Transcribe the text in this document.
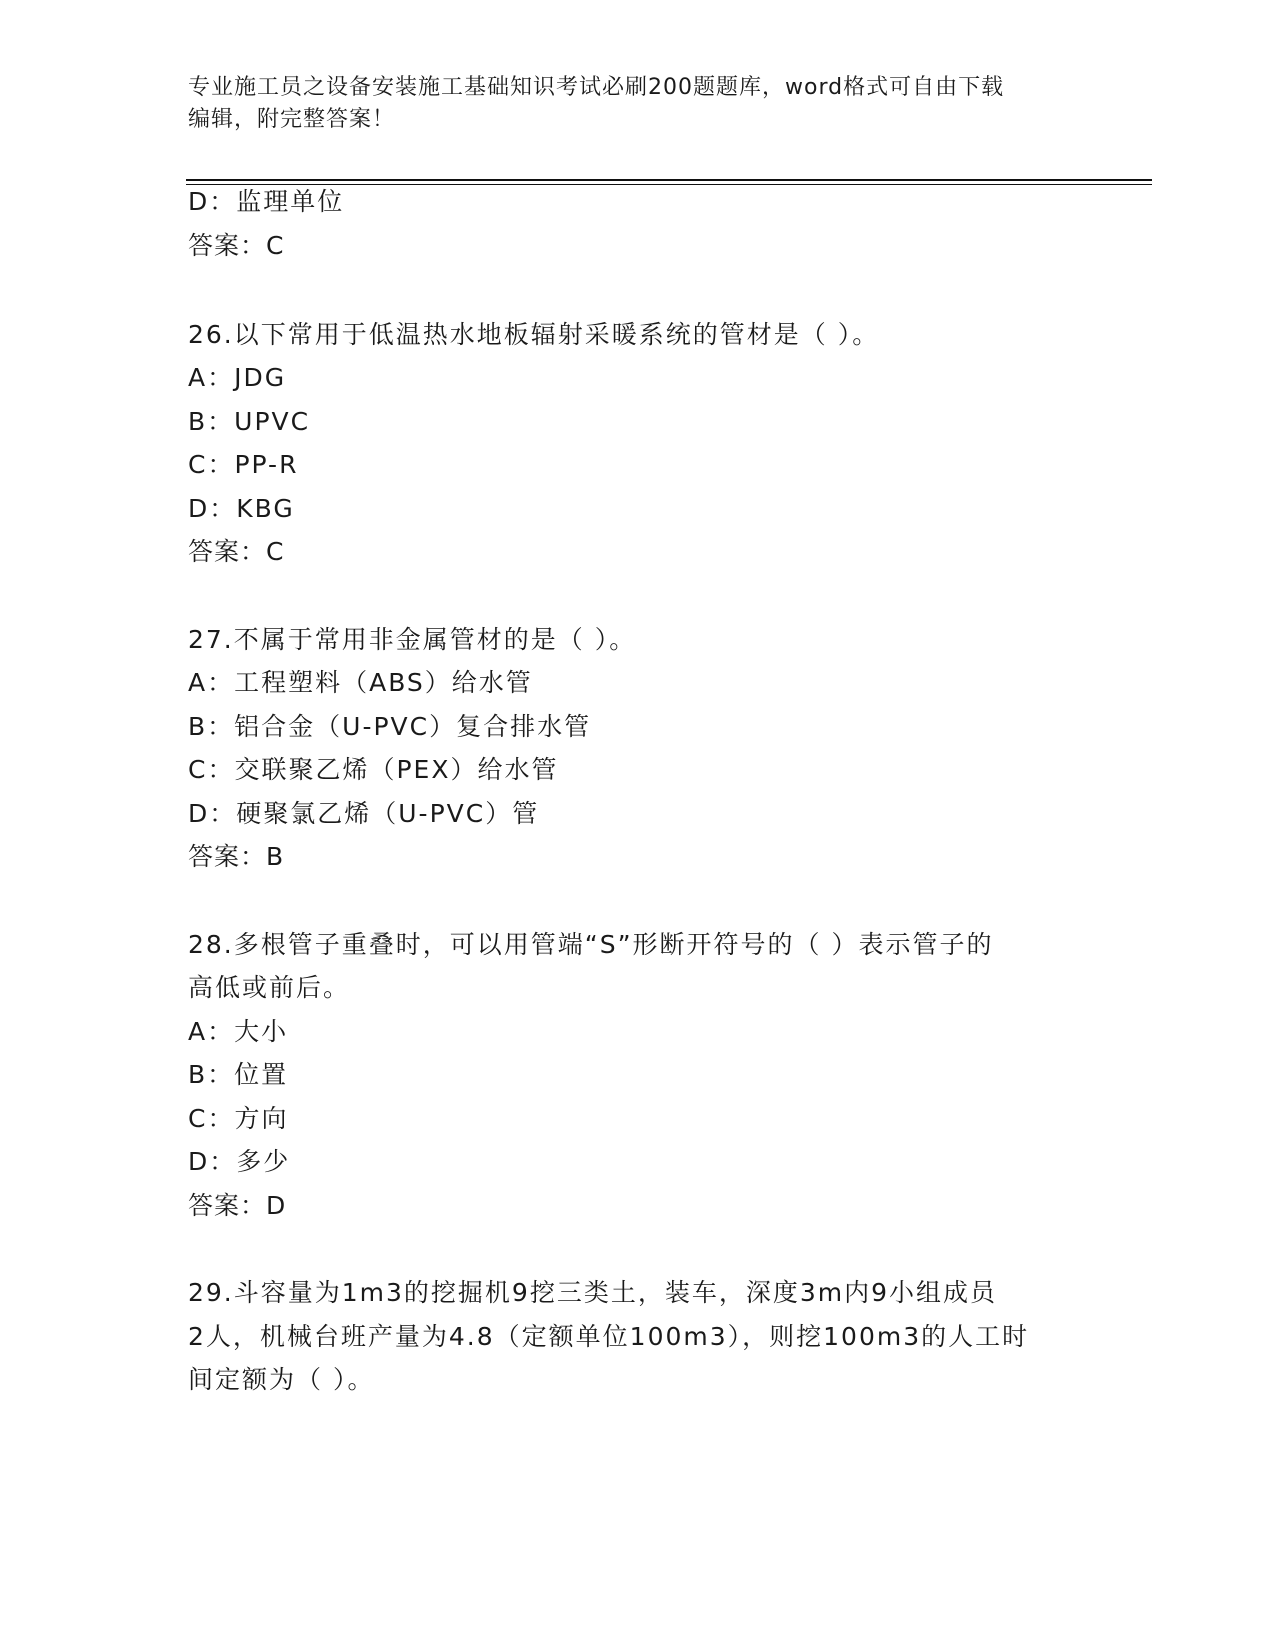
专业施工员之设备安装施工基础知识考试必刷200题题库，word格式可自由下载
编辑，附完整答案！
D：监理单位
答案：C
26.以下常用于低温热水地板辐射采暖系统的管材是（ ）。
A：JDG
B：UPVC
C：PP-R
D：KBG
答案：C
27.不属于常用非金属管材的是（ ）。
A：工程塑料（ABS）给水管
B：铝合金（U-PVC）复合排水管
C：交联聚乙烯（PEX）给水管
D：硬聚氯乙烯（U-PVC）管
答案：B
28.多根管子重叠时，可以用管端“S”形断开符号的（ ）表示管子的
高低或前后。
A：大小
B：位置
C：方向
D：多少
答案：D
29.斗容量为1m3的挖掘机9挖三类土，装车，深度3m内9小组成员
2人，机械台班产量为4.8（定额单位100m3），则挖100m3的人工时
间定额为（ ）。
